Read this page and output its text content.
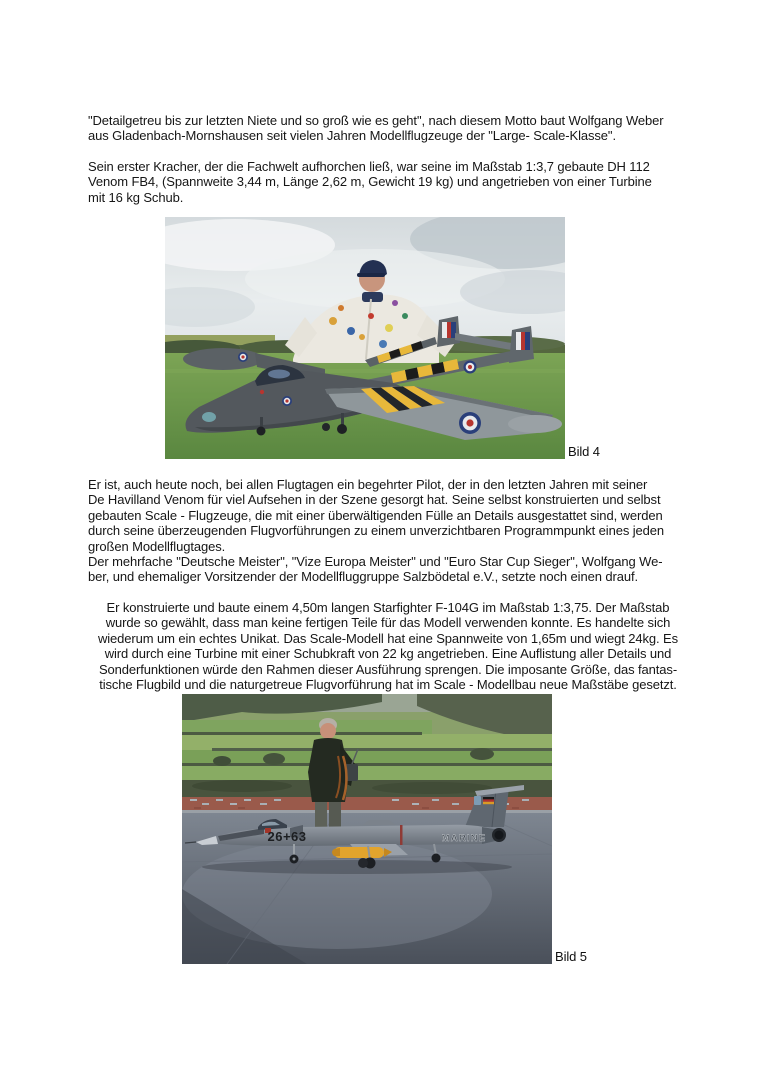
"Detailgetreu bis zur letzten Niete und so groß wie es geht", nach diesem Motto baut Wolfgang Weber
aus Gladenbach-Mornshausen seit vielen Jahren Modellflugzeuge der "Large- Scale-Klasse".

Sein erster Kracher, der die Fachwelt aufhorchen ließ, war seine im Maßstab 1:3,7 gebaute DH 112
Venom FB4, (Spannweite 3,44 m, Länge 2,62 m, Gewicht 19 kg) und angetrieben von einer Turbine
mit 16 kg Schub.

Bild 4

Er ist, auch heute noch, bei allen Flugtagen ein begehrter Pilot, der in den letzten Jahren mit seiner
De Havilland Venom für viel Aufsehen in der Szene gesorgt hat. Seine selbst konstruierten und selbst
gebauten Scale - Flugzeuge, die mit einer überwältigenden Fülle an Details ausgestattet sind, werden
durch seine überzeugenden Flugvorführungen zu einem unverzichtbaren Programmpunkt eines jeden
großen Modellflugtages.
Der mehrfache "Deutsche Meister", "Vize Europa Meister" und "Euro Star Cup Sieger", Wolfgang We-
ber, und ehemaliger Vorsitzender der Modellfluggruppe Salzbödetal e.V., setzte noch einen drauf.

Er konstruierte und baute einem 4,50m langen Starfighter F-104G im Maßstab 1:3,75. Der Maßstab
wurde so gewählt, dass man keine fertigen Teile für das Modell verwenden konnte. Es handelte sich
wiederum um ein echtes Unikat. Das Scale-Modell hat eine Spannweite von 1,65m und wiegt 24kg. Es
wird durch eine Turbine mit einer Schubkraft von 22 kg angetrieben. Eine Auflistung aller Details und
Sonderfunktionen würde den Rahmen dieser Ausführung sprengen. Die imposante Größe, das fantas-
tische Flugbild und die naturgetreue Flugvorführung hat im Scale - Modellbau neue Maßstäbe gesetzt.

26+63	MARINE
Bild 5
